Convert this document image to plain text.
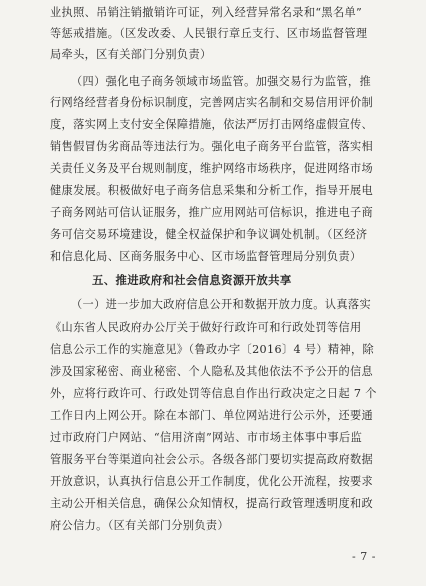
业执照、吊销注销撤销许可证，列入经营异常名录和“黑名单”
等惩戒措施。（区发改委、人民银行章丘支行、区市场监督管理
局牵头，区有关部门分别负责）
（四）强化电子商务领域市场监管。加强交易行为监管，推
行网络经营者身份标识制度，完善网店实名制和交易信用评价制
度，落实网上支付安全保障措施，依法严厉打击网络虚假宣传、
销售假冒伪劣商品等违法行为。强化电子商务平台监管，落实相
关责任义务及平台规则制度，维护网络市场秩序，促进网络市场
健康发展。积极做好电子商务信息采集和分析工作，指导开展电
子商务网站可信认证服务，推广应用网站可信标识，推进电子商
务可信交易环境建设，健全权益保护和争议调处机制。（区经济
和信息化局、区商务服务中心、区市场监督管理局分别负责）
五、推进政府和社会信息资源开放共享
（一）进一步加大政府信息公开和数据开放力度。认真落实
《山东省人民政府办公厅关于做好行政许可和行政处罚等信用
信息公示工作的实施意见》（鲁政办字〔2016〕4 号）精神，除
涉及国家秘密、商业秘密、个人隐私及其他依法不予公开的信息
外，应将行政许可、行政处罚等信息自作出行政决定之日起 7 个
工作日内上网公开。除在本部门、单位网站进行公示外，还要通
过市政府门户网站、“信用济南”网站、市市场主体事中事后监
管服务平台等渠道向社会公示。各级各部门要切实提高政府数据
开放意识，认真执行信息公开工作制度，优化公开流程，按要求
主动公开相关信息，确保公众知情权，提高行政管理透明度和政
府公信力。（区有关部门分别负责）
- 7 -
